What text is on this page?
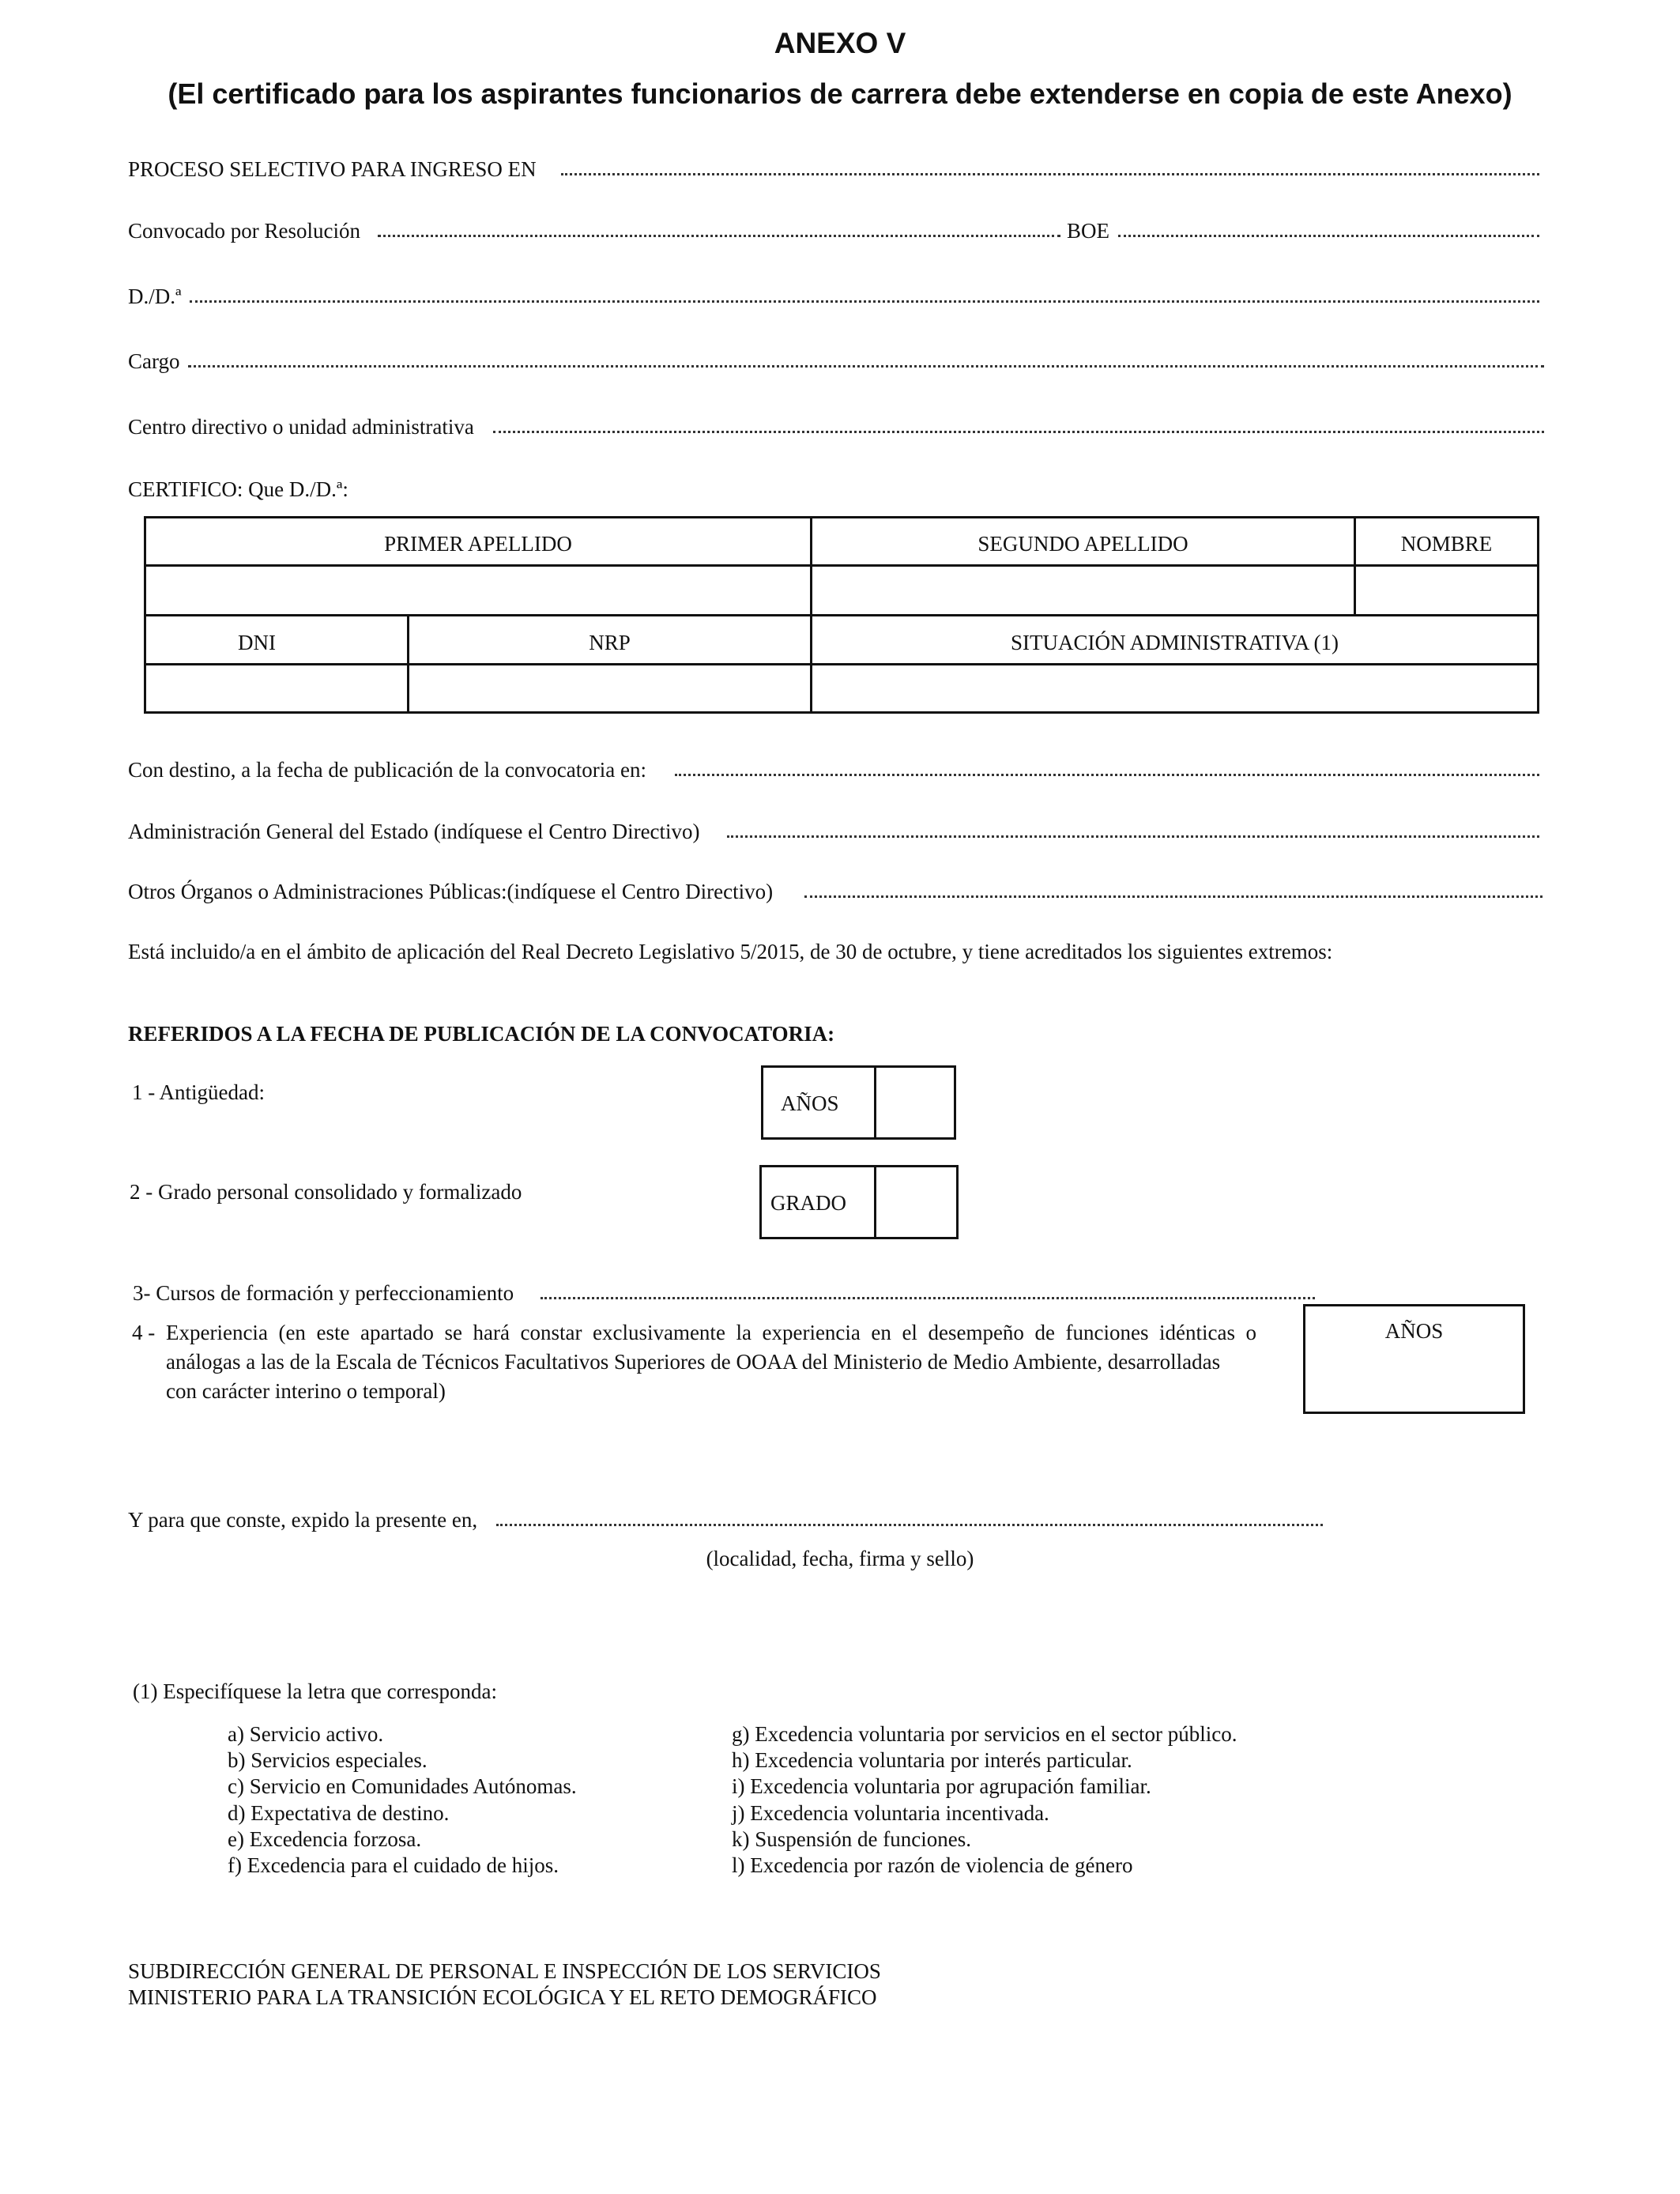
ANEXO V
(El certificado para los aspirantes funcionarios de carrera debe extenderse en copia de este Anexo)
PROCESO SELECTIVO PARA INGRESO EN
Convocado por Resolución	BOE
D./D.ª
Cargo
Centro directivo o unidad administrativa
CERTIFICO: Que D./D.ª:
PRIMER APELLIDO	SEGUNDO APELLIDO	NOMBRE
DNI	NRP	SITUACIÓN ADMINISTRATIVA (1)
Con destino, a la fecha de publicación de la convocatoria en:
Administración General del Estado (indíquese el Centro Directivo)
Otros Órganos o Administraciones Públicas:(indíquese el Centro Directivo)
Está incluido/a en el ámbito de aplicación del Real Decreto Legislativo 5/2015, de 30 de octubre, y tiene acreditados los siguientes extremos:
REFERIDOS A LA FECHA DE PUBLICACIÓN DE LA CONVOCATORIA:
1 - Antigüedad:	AÑOS
2 - Grado personal consolidado y formalizado	GRADO
3- Cursos de formación y perfeccionamiento
4 - Experiencia (en este apartado se hará constar exclusivamente la experiencia en el desempeño de funciones idénticas o
análogas a las de la Escala de Técnicos Facultativos Superiores de OOAA del Ministerio de Medio Ambiente, desarrolladas
con carácter interino o temporal)
AÑOS
Y para que conste, expido la presente en,
(localidad, fecha, firma y sello)
(1) Especifíquese la letra que corresponda:
a) Servicio activo.
b) Servicios especiales.
c) Servicio en Comunidades Autónomas.
d) Expectativa de destino.
e) Excedencia forzosa.
f) Excedencia para el cuidado de hijos.
g) Excedencia voluntaria por servicios en el sector público.
h) Excedencia voluntaria por interés particular.
i) Excedencia voluntaria por agrupación familiar.
j) Excedencia voluntaria incentivada.
k) Suspensión de funciones.
l) Excedencia por razón de violencia de género
SUBDIRECCIÓN GENERAL DE PERSONAL E INSPECCIÓN DE LOS SERVICIOS
MINISTERIO PARA LA TRANSICIÓN ECOLÓGICA Y EL RETO DEMOGRÁFICO
